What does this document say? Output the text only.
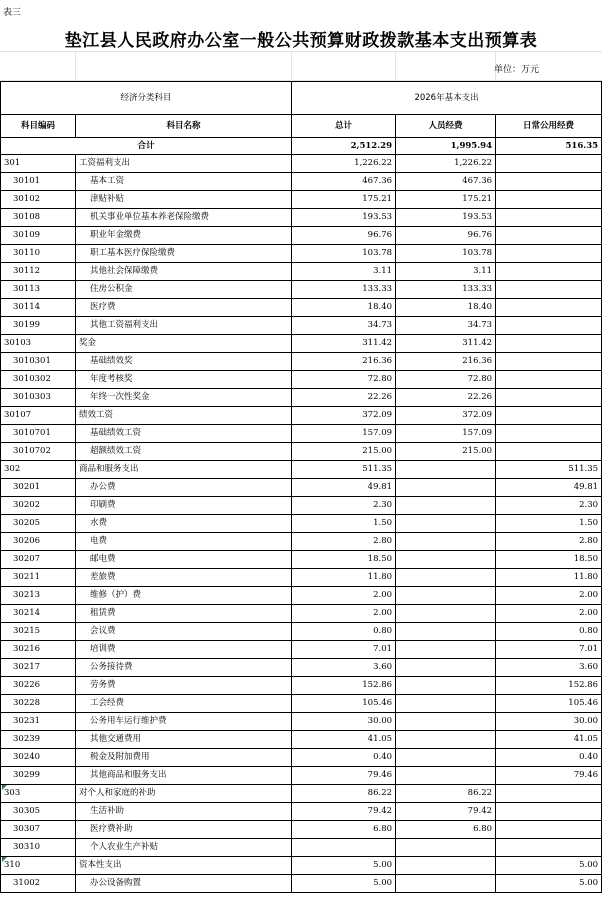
表三
垫江县人民政府办公室一般公共预算财政拨款基本支出预算表
单位：万元
经济分类科目		2026年基本支出		
科目编码	科目名称	总计	人员经费	日常公用经费
合计		2,512.29	1,995.94	516.35
301	工资福利支出	1,226.22	1,226.22	
30101	基本工资	467.36	467.36	
30102	津贴补贴	175.21	175.21	
30108	机关事业单位基本养老保险缴费	193.53	193.53	
30109	职业年金缴费	96.76	96.76	
30110	职工基本医疗保险缴费	103.78	103.78	
30112	其他社会保障缴费	3.11	3.11	
30113	住房公积金	133.33	133.33	
30114	医疗费	18.40	18.40	
30199	其他工资福利支出	34.73	34.73	
30103	奖金	311.42	311.42	
3010301	基础绩效奖	216.36	216.36	
3010302	年度考核奖	72.80	72.80	
3010303	年终一次性奖金	22.26	22.26	
30107	绩效工资	372.09	372.09	
3010701	基础绩效工资	157.09	157.09	
3010702	超额绩效工资	215.00	215.00	
302	商品和服务支出	511.35		511.35
30201	办公费	49.81		49.81
30202	印刷费	2.30		2.30
30205	水费	1.50		1.50
30206	电费	2.80		2.80
30207	邮电费	18.50		18.50
30211	差旅费	11.80		11.80
30213	维修（护）费	2.00		2.00
30214	租赁费	2.00		2.00
30215	会议费	0.80		0.80
30216	培训费	7.01		7.01
30217	公务接待费	3.60		3.60
30226	劳务费	152.86		152.86
30228	工会经费	105.46		105.46
30231	公务用车运行维护费	30.00		30.00
30239	其他交通费用	41.05		41.05
30240	税金及附加费用	0.40		0.40
30299	其他商品和服务支出	79.46		79.46
303	对个人和家庭的补助	86.22	86.22	
30305	生活补助	79.42	79.42	
30307	医疗费补助	6.80	6.80	
30310	个人农业生产补贴			
310	资本性支出	5.00		5.00
31002	办公设备购置	5.00		5.00
